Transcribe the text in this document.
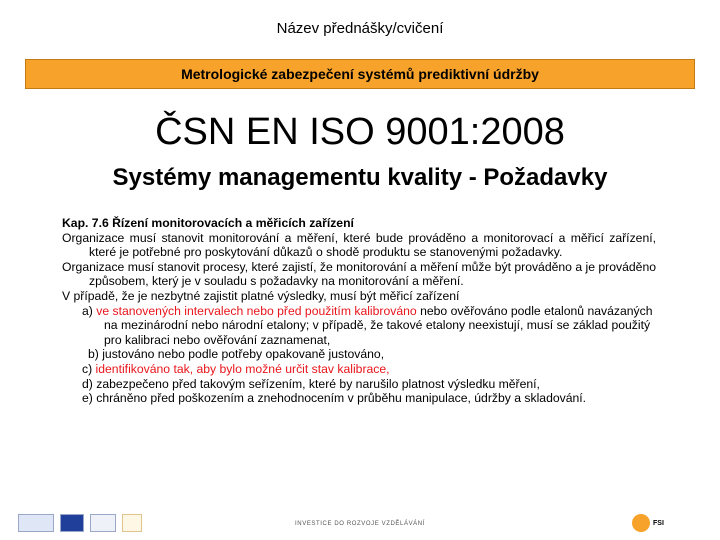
Název přednášky/cvičení
Metrologické zabezpečení systémů prediktivní údržby
ČSN EN ISO 9001:2008
Systémy managementu kvality - Požadavky

Kap. 7.6 Řízení monitorovacích a měřicích zařízení

Organizace musí stanovit monitorování a měření, které bude prováděno a monitorovací a měřicí zařízení, které je potřebné pro poskytování důkazů o shodě produktu se stanovenými požadavky.

Organizace musí stanovit procesy, které zajistí, že monitorování a měření může být prováděno a je prováděno způsobem, který je v souladu s požadavky na monitorování a měření.

V případě, že je nezbytné zajistit platné výsledky, musí být měřicí zařízení

a) ve stanovených intervalech nebo před použitím kalibrováno nebo ověřováno podle etalonů navázaných na mezinárodní nebo národní etalony; v případě, že takové etalony neexistují, musí se základ použitý pro kalibraci nebo ověřování zaznamenat,

b) justováno nebo podle potřeby opakovaně justováno,

c) identifikováno tak, aby bylo možné určit stav kalibrace,

d) zabezpečeno před takovým seřízením, které by narušilo platnost výsledku měření,

e) chráněno před poškozením a znehodnocením v průběhu manipulace, údržby a skladování.

INVESTICE DO ROZVOJE VZDĚLÁVÁNÍ	FSI
